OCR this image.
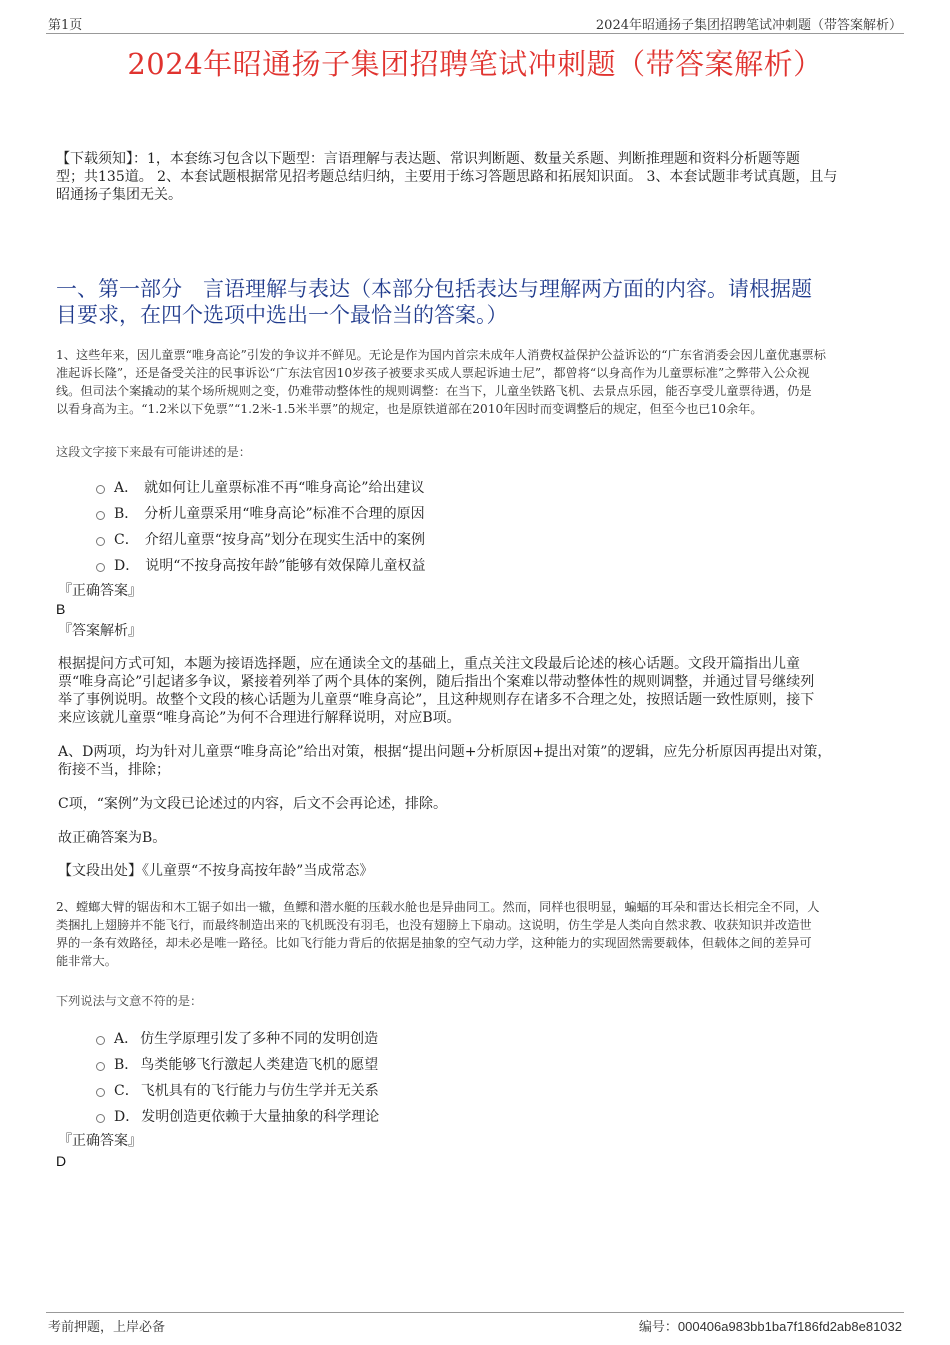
第1页	2024年昭通扬子集团招聘笔试冲刺题（带答案解析）
2024年昭通扬子集团招聘笔试冲刺题（带答案解析）
【下载须知】：1，本套练习包含以下题型：言语理解与表达题、常识判断题、数量关系题、判断推理题和资料分析题等题
型；共135道。 2、本套试题根据常见招考题总结归纳，主要用于练习答题思路和拓展知识面。 3、本套试题非考试真题，且与
昭通扬子集团无关。
一、第一部分　言语理解与表达（本部分包括表达与理解两方面的内容。请根据题
目要求，在四个选项中选出一个最恰当的答案。）
1、这些年来，因儿童票“唯身高论”引发的争议并不鲜见。无论是作为国内首宗未成年人消费权益保护公益诉讼的“广东省消委会因儿童优惠票标
准起诉长隆”，还是备受关注的民事诉讼“广东法官因10岁孩子被要求买成人票起诉迪士尼”，都曾将“以身高作为儿童票标准”之弊带入公众视
线。但司法个案撬动的某个场所规则之变，仍难带动整体性的规则调整：在当下，儿童坐铁路飞机、去景点乐园，能否享受儿童票待遇，仍是
以看身高为主。“1.2米以下免票”“1.2米-1.5米半票”的规定，也是原铁道部在2010年因时而变调整后的规定，但至今也已10余年。
这段文字接下来最有可能讲述的是：
A． 就如何让儿童票标准不再“唯身高论”给出建议
B． 分析儿童票采用“唯身高论”标准不合理的原因
C． 介绍儿童票“按身高”划分在现实生活中的案例
D． 说明“不按身高按年龄”能够有效保障儿童权益
『正确答案』
B
『答案解析』
根据提问方式可知，本题为接语选择题，应在通读全文的基础上，重点关注文段最后论述的核心话题。文段开篇指出儿童
票“唯身高论”引起诸多争议，紧接着列举了两个具体的案例，随后指出个案难以带动整体性的规则调整，并通过冒号继续列
举了事例说明。故整个文段的核心话题为儿童票“唯身高论”，且这种规则存在诸多不合理之处，按照话题一致性原则，接下
来应该就儿童票“唯身高论”为何不合理进行解释说明，对应B项。
A、D两项，均为针对儿童票“唯身高论”给出对策，根据“提出问题+分析原因+提出对策”的逻辑，应先分析原因再提出对策，
衔接不当，排除；
C项，“案例”为文段已论述过的内容，后文不会再论述，排除。
故正确答案为B。
【文段出处】《儿童票“不按身高按年龄”当成常态》
2、螳螂大臂的锯齿和木工锯子如出一辙，鱼鳔和潜水艇的压载水舱也是异曲同工。然而，同样也很明显，蝙蝠的耳朵和雷达长相完全不同，人
类捆扎上翅膀并不能飞行，而最终制造出来的飞机既没有羽毛，也没有翅膀上下扇动。这说明，仿生学是人类向自然求教、收获知识并改造世
界的一条有效路径，却未必是唯一路径。比如飞行能力背后的依据是抽象的空气动力学，这种能力的实现固然需要载体，但载体之间的差异可
能非常大。
下列说法与文意不符的是：
A． 仿生学原理引发了多种不同的发明创造
B． 鸟类能够飞行激起人类建造飞机的愿望
C． 飞机具有的飞行能力与仿生学并无关系
D． 发明创造更依赖于大量抽象的科学理论
『正确答案』
D
考前押题，上岸必备	编号：000406a983bb1ba7f186fd2ab8e81032
